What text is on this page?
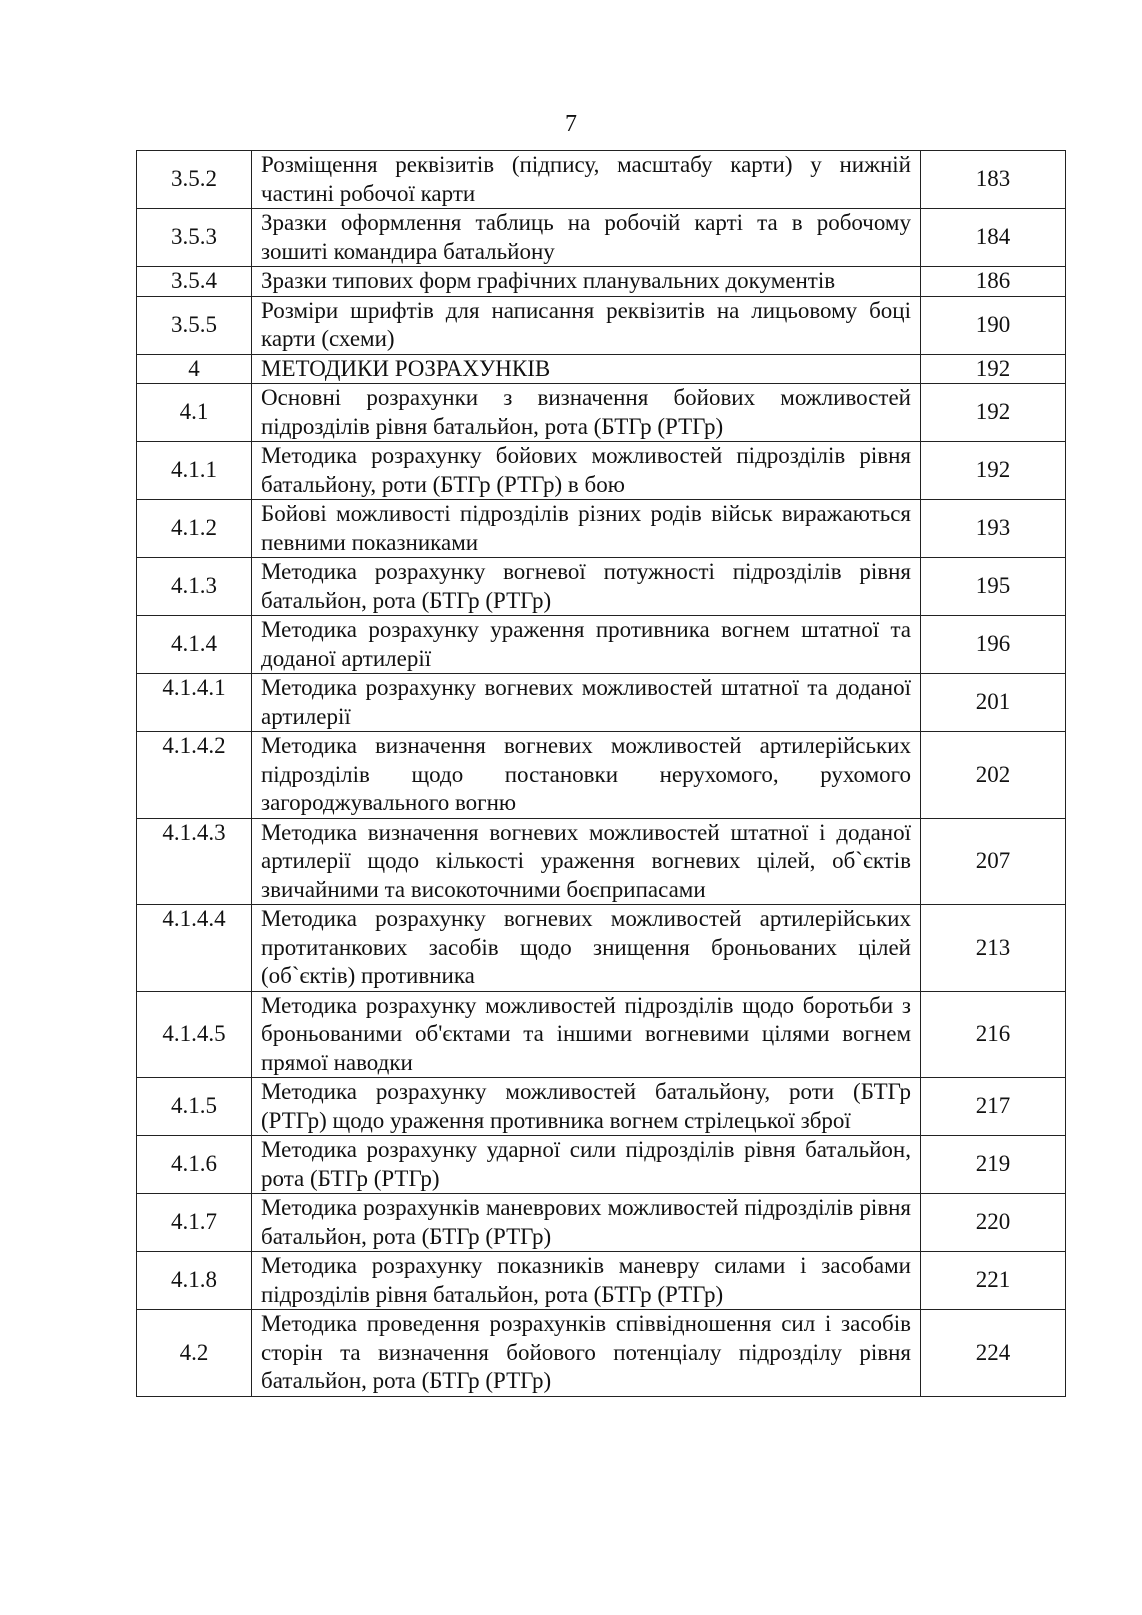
7
3.5.2	Розміщення реквізитів (підпису, масштабу карти) у нижній частині робочої карти	183
3.5.3	Зразки оформлення таблиць на робочій карті та в робочому зошиті командира батальйону	184
3.5.4	Зразки типових форм графічних планувальних документів	186
3.5.5	Розміри шрифтів для написання реквізитів на лицьовому боці карти (схеми)	190
4	МЕТОДИКИ РОЗРАХУНКІВ	192
4.1	Основні розрахунки з визначення бойових можливостей підрозділів рівня батальйон, рота (БТГр (РТГр)	192
4.1.1	Методика розрахунку бойових можливостей підрозділів рівня батальйону, роти (БТГр (РТГр) в бою	192
4.1.2	Бойові можливості підрозділів різних родів військ виражаються певними показниками	193
4.1.3	Методика розрахунку вогневої потужності підрозділів рівня батальйон, рота (БТГр (РТГр)	195
4.1.4	Методика розрахунку ураження противника вогнем штатної та доданої артилерії	196
4.1.4.1	Методика розрахунку вогневих можливостей штатної та доданої артилерії	201
4.1.4.2	Методика визначення вогневих можливостей артилерійських підрозділів щодо постановки нерухомого, рухомого загороджувального вогню	202
4.1.4.3	Методика визначення вогневих можливостей штатної і доданої артилерії щодо кількості ураження вогневих цілей, об`єктів звичайними та високоточними боєприпасами	207
4.1.4.4	Методика розрахунку вогневих можливостей артилерійських протитанкових засобів щодо знищення броньованих цілей (об`єктів) противника	213
4.1.4.5	Методика розрахунку можливостей підрозділів щодо боротьби з броньованими об'єктами та іншими вогневими цілями вогнем прямої наводки	216
4.1.5	Методика розрахунку можливостей батальйону, роти (БТГр (РТГр) щодо ураження противника вогнем стрілецької зброї	217
4.1.6	Методика розрахунку ударної сили підрозділів рівня батальйон, рота (БТГр (РТГр)	219
4.1.7	Методика розрахунків маневрових можливостей підрозділів рівня батальйон, рота (БТГр (РТГр)	220
4.1.8	Методика розрахунку показників маневру силами і засобами підрозділів рівня батальйон, рота (БТГр (РТГр)	221
4.2	Методика проведення розрахунків співвідношення сил і засобів сторін та визначення бойового потенціалу підрозділу рівня батальйон, рота (БТГр (РТГр)	224
